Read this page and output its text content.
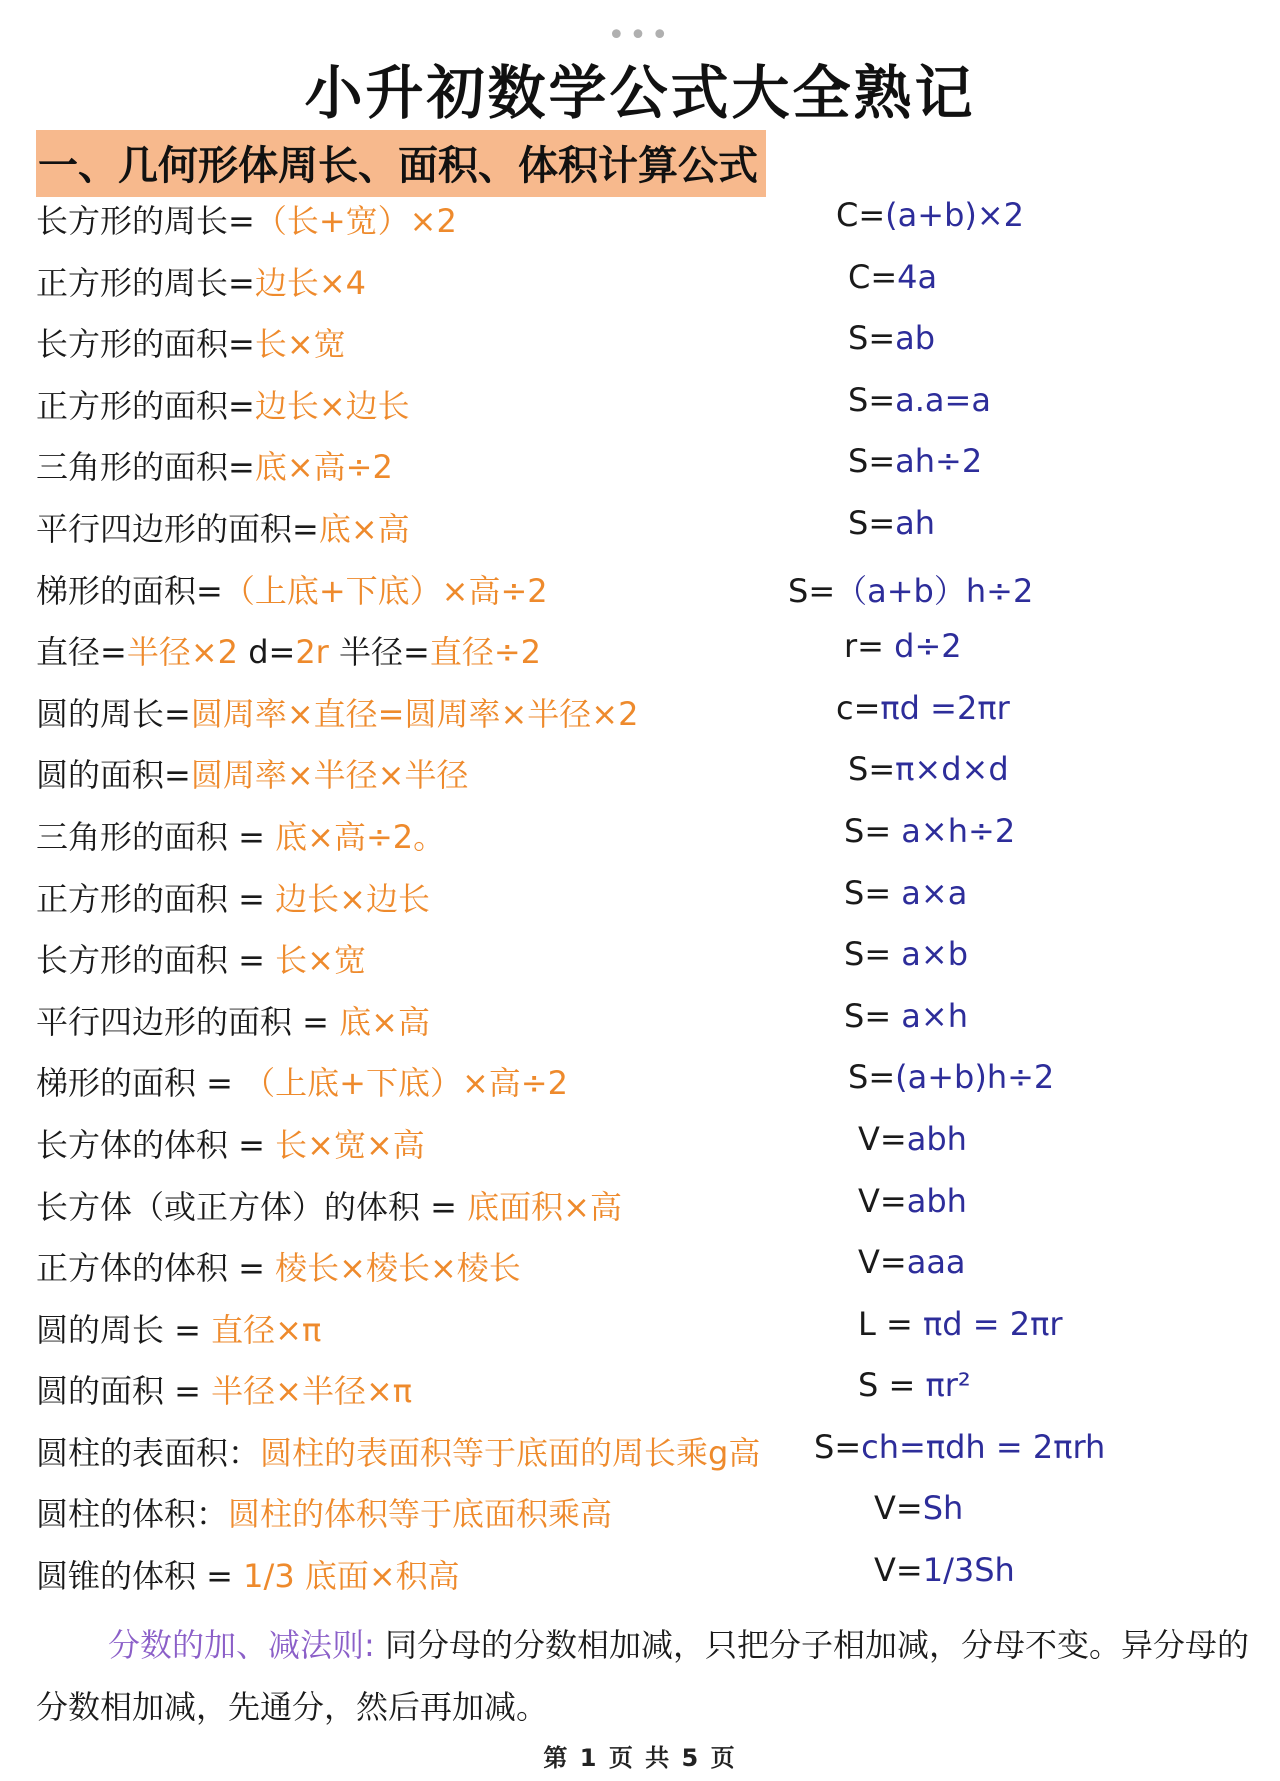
•••
小升初数学公式大全熟记
一、几何形体周长、面积、体积计算公式
长方形的周长=（长+宽）×2	C=(a+b)×2
正方形的周长=边长×4	C=4a
长方形的面积=长×宽	S=ab
正方形的面积=边长×边长	S=a.a=a
三角形的面积=底×高÷2	S=ah÷2
平行四边形的面积=底×高	S=ah
梯形的面积=（上底+下底）×高÷2	S=（a+b）h÷2
直径=半径×2 d=2r 半径=直径÷2	r= d÷2
圆的周长=圆周率×直径=圆周率×半径×2	c=πd =2πr
圆的面积=圆周率×半径×半径	S=π×d×d
三角形的面积 = 底×高÷2。	S= a×h÷2
正方形的面积 = 边长×边长	S= a×a
长方形的面积 = 长×宽	S= a×b
平行四边形的面积 = 底×高	S= a×h
梯形的面积 = （上底+下底）×高÷2	S=(a+b)h÷2
长方体的体积 = 长×宽×高	V=abh
长方体（或正方体）的体积 = 底面积×高	V=abh
正方体的体积 = 棱长×棱长×棱长	V=aaa
圆的周长 = 直径×π	L = πd = 2πr
圆的面积 = 半径×半径×π	S = πr²
圆柱的表面积：圆柱的表面积等于底面的周长乘g高 S=ch=πdh = 2πrh
圆柱的体积：圆柱的体积等于底面积乘高	V=Sh
圆锥的体积 = 1/3 底面×积高	V=1/3Sh
分数的加、减法则: 同分母的分数相加减，只把分子相加减，分母不变。异分母的分数相加减，先通分，然后再加减。
第 1 页 共 5 页
